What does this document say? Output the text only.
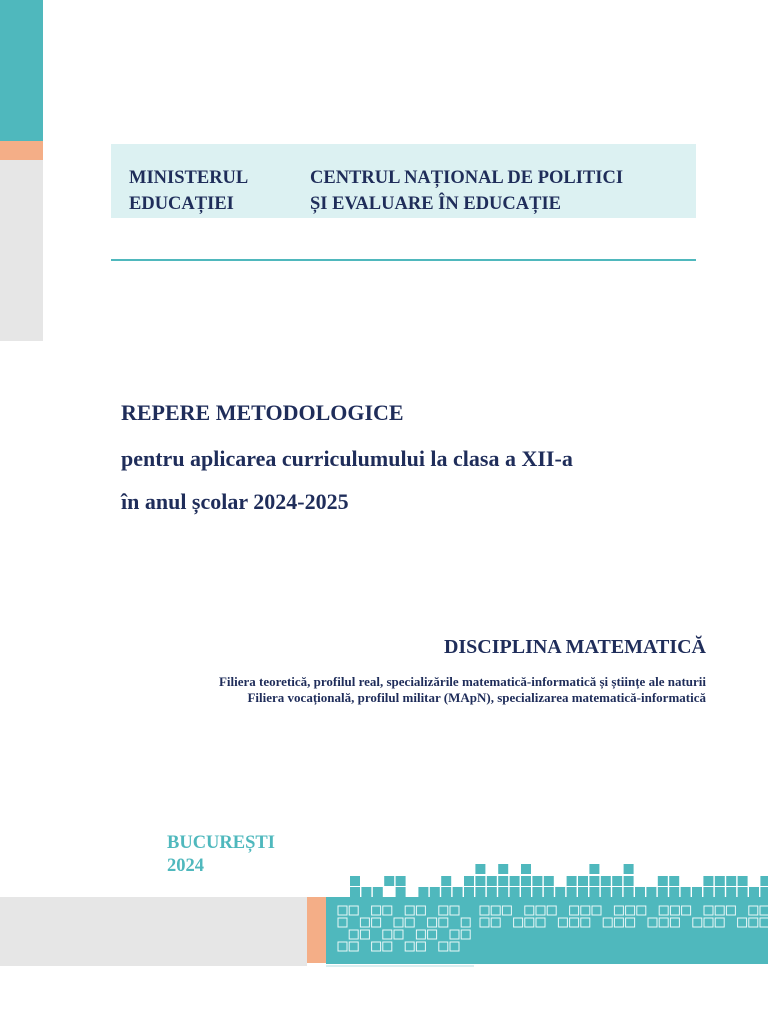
MINISTERUL
EDUCAȚIEI
CENTRUL NAȚIONAL DE POLITICI
ȘI EVALUARE ÎN EDUCAȚIE
REPERE METODOLOGICE
pentru aplicarea curriculumului la clasa a XII-a
în anul școlar 2024-2025
DISCIPLINA MATEMATICĂ
Filiera teoretică, profilul real, specializările matematică-informatică și științe ale naturii
Filiera vocațională, profilul militar (MApN), specializarea matematică-informatică
BUCUREȘTI
2024
